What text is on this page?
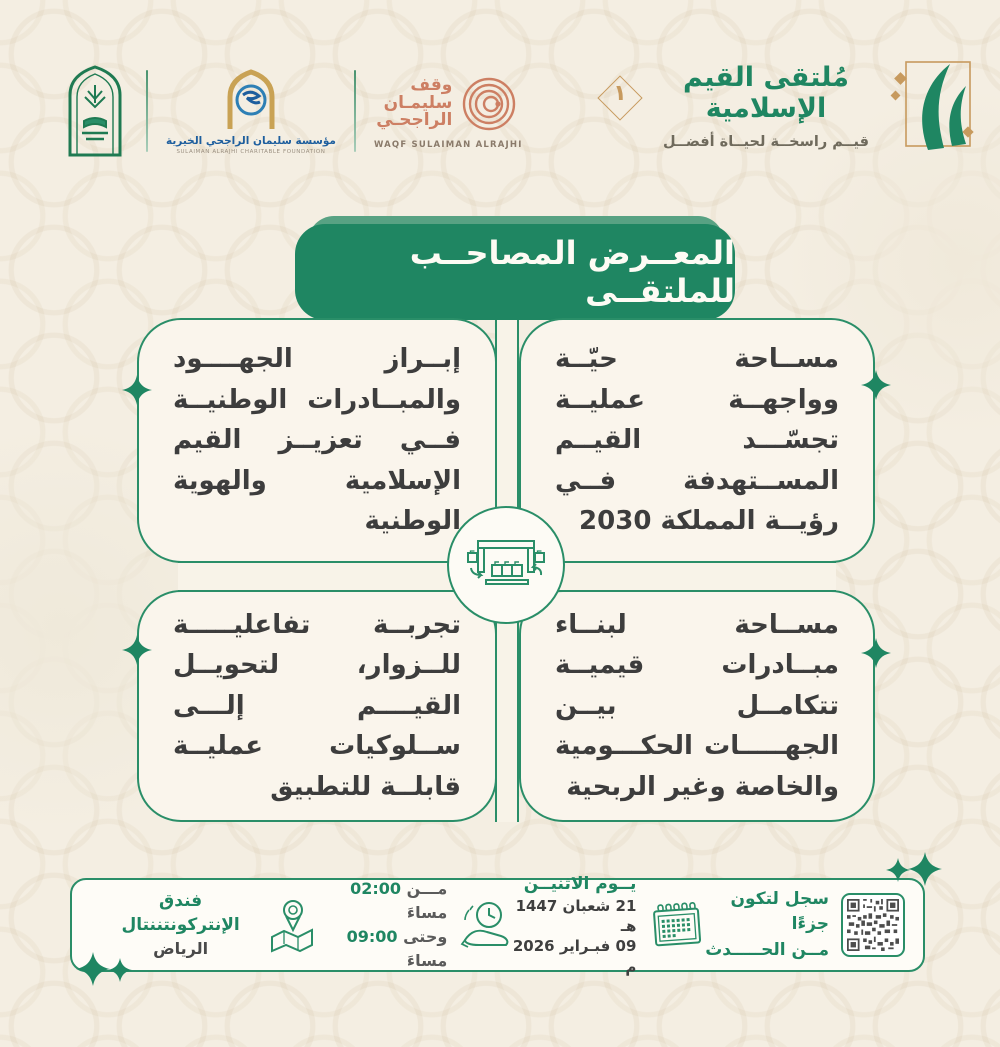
وقف
سليمـان
الراجحـي
WAQF SULAIMAN ALRAJHI
مؤسسة سليمان الراجحي الخيرية
SULAIMAN ALRAJHI CHARITABLE FOUNDATION
١
مُلتقى القيم الإسلامية
قيــم راسخــة لحيــاة أفضــل
المعــرض المصاحــب للملتقــى

مســاحة حيّــة وواجهــة عمليــة تجسّـــد القيــم المســتهدفة فــي رؤيــة المملكة 2030

إبــراز الجهــــود والمبــادرات الوطنيــة فــي تعزيــز القيم الإسلامية والهوية الوطنية

مســاحة لبنــاء مبــادرات قيميــة تتكامــل بيــن الجهـــــات الحكـــومية والخاصة وغير الربحية

تجربــة تفاعليـــــة للــزوار، لتحويــل القيــــم إلـــى ســلوكيات عمليــة قابلــة للتطبيق

سجل لتكون جزءًا
مــن الحـــــدث
يــوم الاثنيــن
21 شعبان 1447 هـ
09 فبـراير 2026 م
مـــن 02:00 مساءَ
وحتى 09:00 مساءَ
فندق الإنتركونتننتال
الرياض
